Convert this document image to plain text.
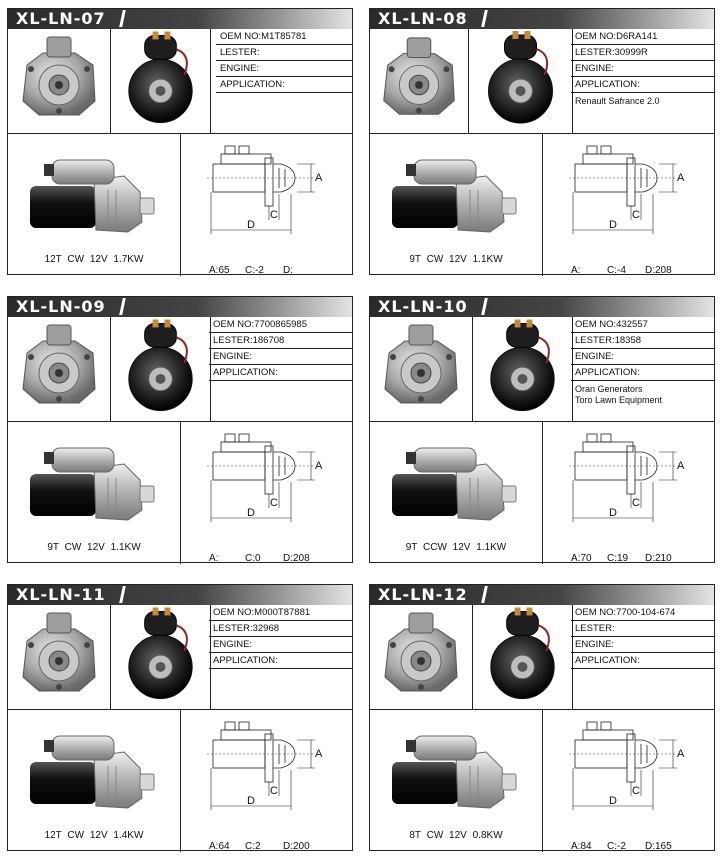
XL-LN-07
OEM NO:M1T85781
LESTER:
ENGINE:
APPLICATION:
12T CW 12V 1.7KW
A
C
D
A:65 C:-2 D:
XL-LN-08
OEM NO:D6RA141
LESTER:30999R
ENGINE:
APPLICATION:
Renault Safrance 2.0
9T CW 12V 1.1KW
A
C
D
A:	C:-4 D:208
XL-LN-09
OEM NO:7700865985
LESTER:186708
ENGINE:
APPLICATION:
9T CW 12V 1.1KW
A
C
D
A:	C:0 D:208
XL-LN-10
OEM NO:432557
LESTER:18358
ENGINE:
APPLICATION:
Oran Generators
Toro Lawn Equipment
9T CCW 12V 1.1KW
A
C
D
A:70 C:19 D:210
XL-LN-11
OEM NO:M000T87881
LESTER:32968
ENGINE:
APPLICATION:
12T CW 12V 1.4KW
A
C
D
A:64 C:2 D:200
XL-LN-12
OEM NO:7700-104-674
LESTER:
ENGINE:
APPLICATION:
8T CW 12V 0.8KW
A
C
D
A:84 C:-2 D:165
